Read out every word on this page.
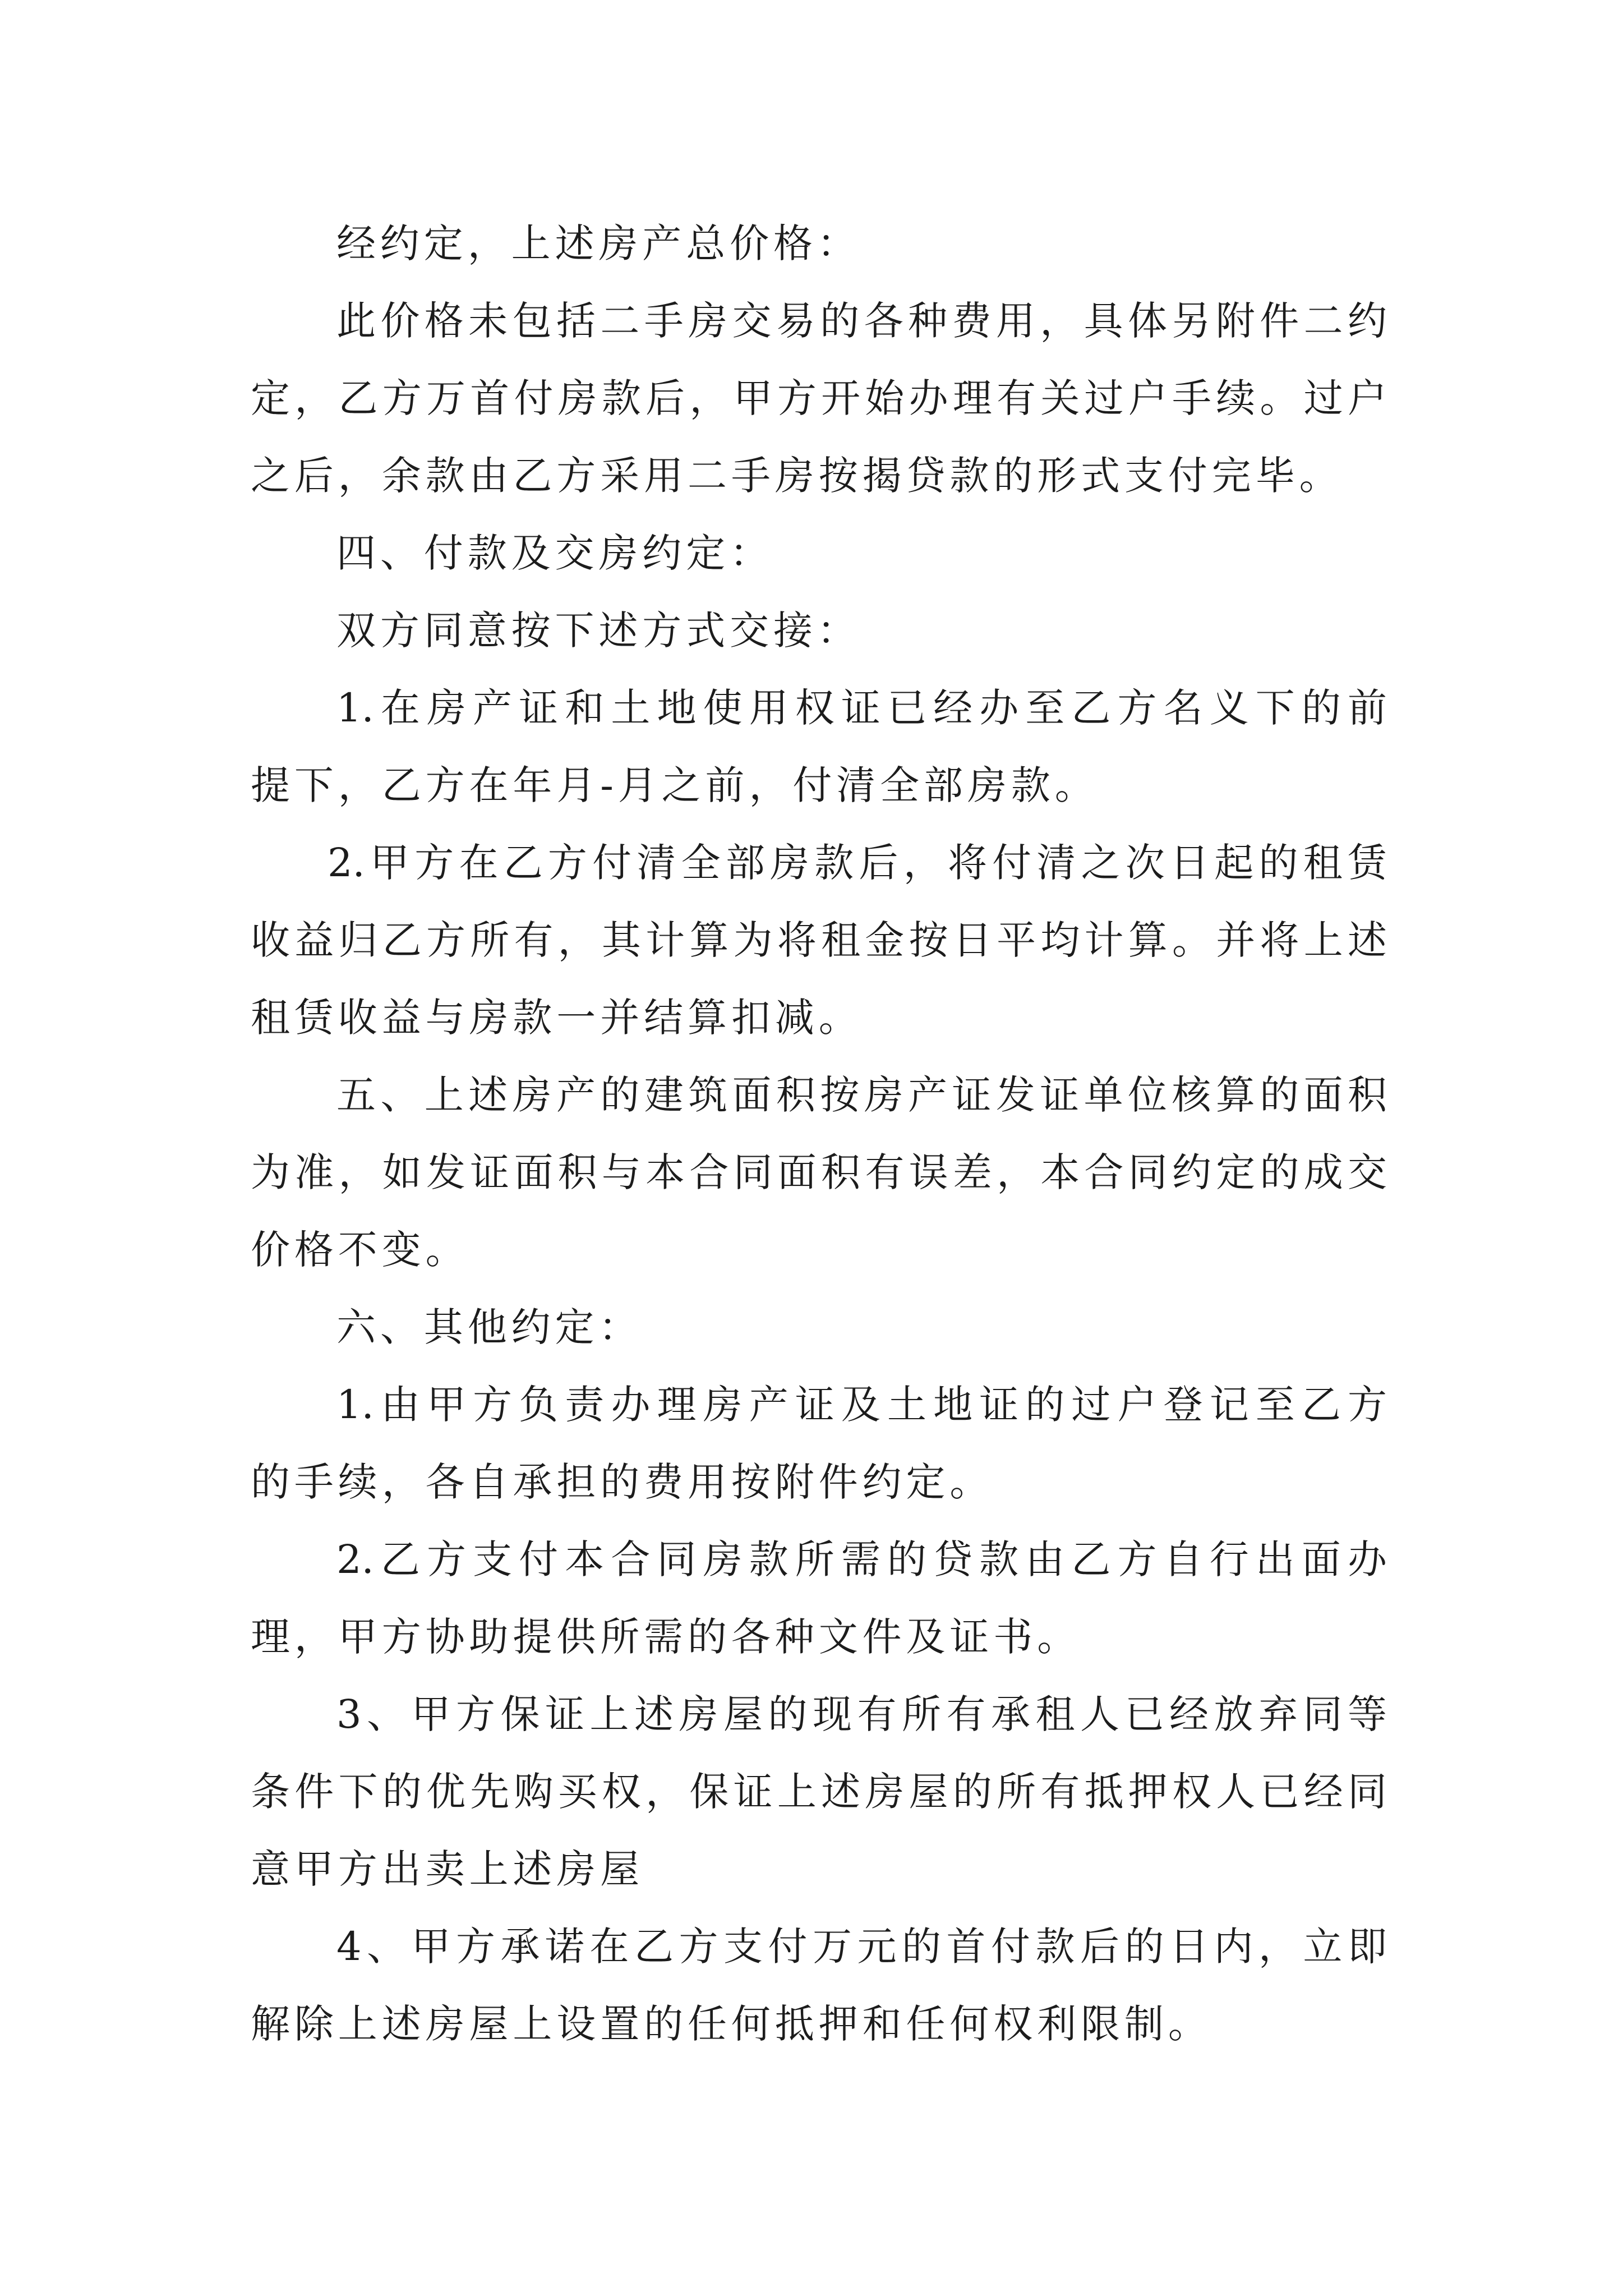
经约定，上述房产总价格：
此价格未包括二手房交易的各种费用，具体另附件二约
定，乙方万首付房款后，甲方开始办理有关过户手续。过户
之后，余款由乙方采用二手房按揭贷款的形式支付完毕。
四、付款及交房约定：
双方同意按下述方式交接：
1.在房产证和土地使用权证已经办至乙方名义下的前
提下，乙方在年月-月之前，付清全部房款。
2.甲方在乙方付清全部房款后，将付清之次日起的租赁
收益归乙方所有，其计算为将租金按日平均计算。并将上述
租赁收益与房款一并结算扣减。
五、上述房产的建筑面积按房产证发证单位核算的面积
为准，如发证面积与本合同面积有误差，本合同约定的成交
价格不变。
六、其他约定：
1.由甲方负责办理房产证及土地证的过户登记至乙方
的手续，各自承担的费用按附件约定。
2.乙方支付本合同房款所需的贷款由乙方自行出面办
理，甲方协助提供所需的各种文件及证书。
3、甲方保证上述房屋的现有所有承租人已经放弃同等
条件下的优先购买权，保证上述房屋的所有抵押权人已经同
意甲方出卖上述房屋
4、甲方承诺在乙方支付万元的首付款后的日内，立即
解除上述房屋上设置的任何抵押和任何权利限制。
